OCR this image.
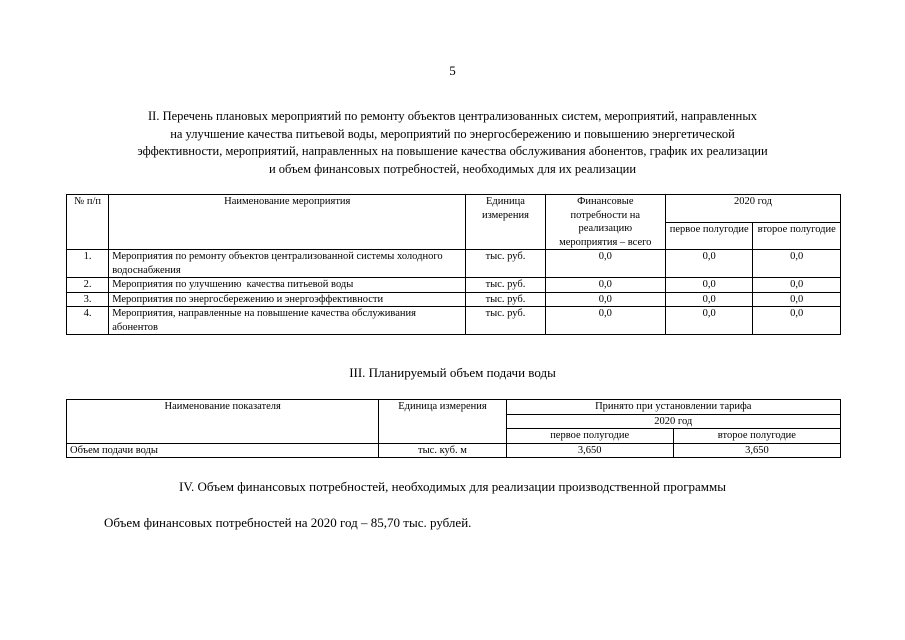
5
II. Перечень плановых мероприятий по ремонту объектов централизованных систем, мероприятий, направленных
на улучшение качества питьевой воды, мероприятий по энергосбережению и повышению энергетической
эффективности, мероприятий, направленных на повышение качества обслуживания абонентов, график их реализации
и объем финансовых потребностей, необходимых для их реализации
№ п/п	Наименование мероприятия	Единица измерения	Финансовые потребности на реализацию мероприятия – всего	2020 год	
				первое полугодие	второе полугодие
1.	Мероприятия по ремонту объектов централизованной системы холодного водоснабжения	тыс. руб.	0,0	0,0	0,0
2.	Мероприятия по улучшению  качества питьевой воды	тыс. руб.	0,0	0,0	0,0
3.	Мероприятия по энергосбережению и энергоэффективности	тыс. руб.	0,0	0,0	0,0
4.	Мероприятия, направленные на повышение качества обслуживания абонентов	тыс. руб.	0,0	0,0	0,0
III. Планируемый объем подачи воды
Наименование показателя	Единица измерения	Принято при установлении тарифа	
		2020 год	
		первое полугодие	второе полугодие
Объем подачи воды	тыс. куб. м	3,650	3,650
IV. Объем финансовых потребностей, необходимых для реализации производственной программы
Объем финансовых потребностей на 2020 год – 85,70 тыс. рублей.
